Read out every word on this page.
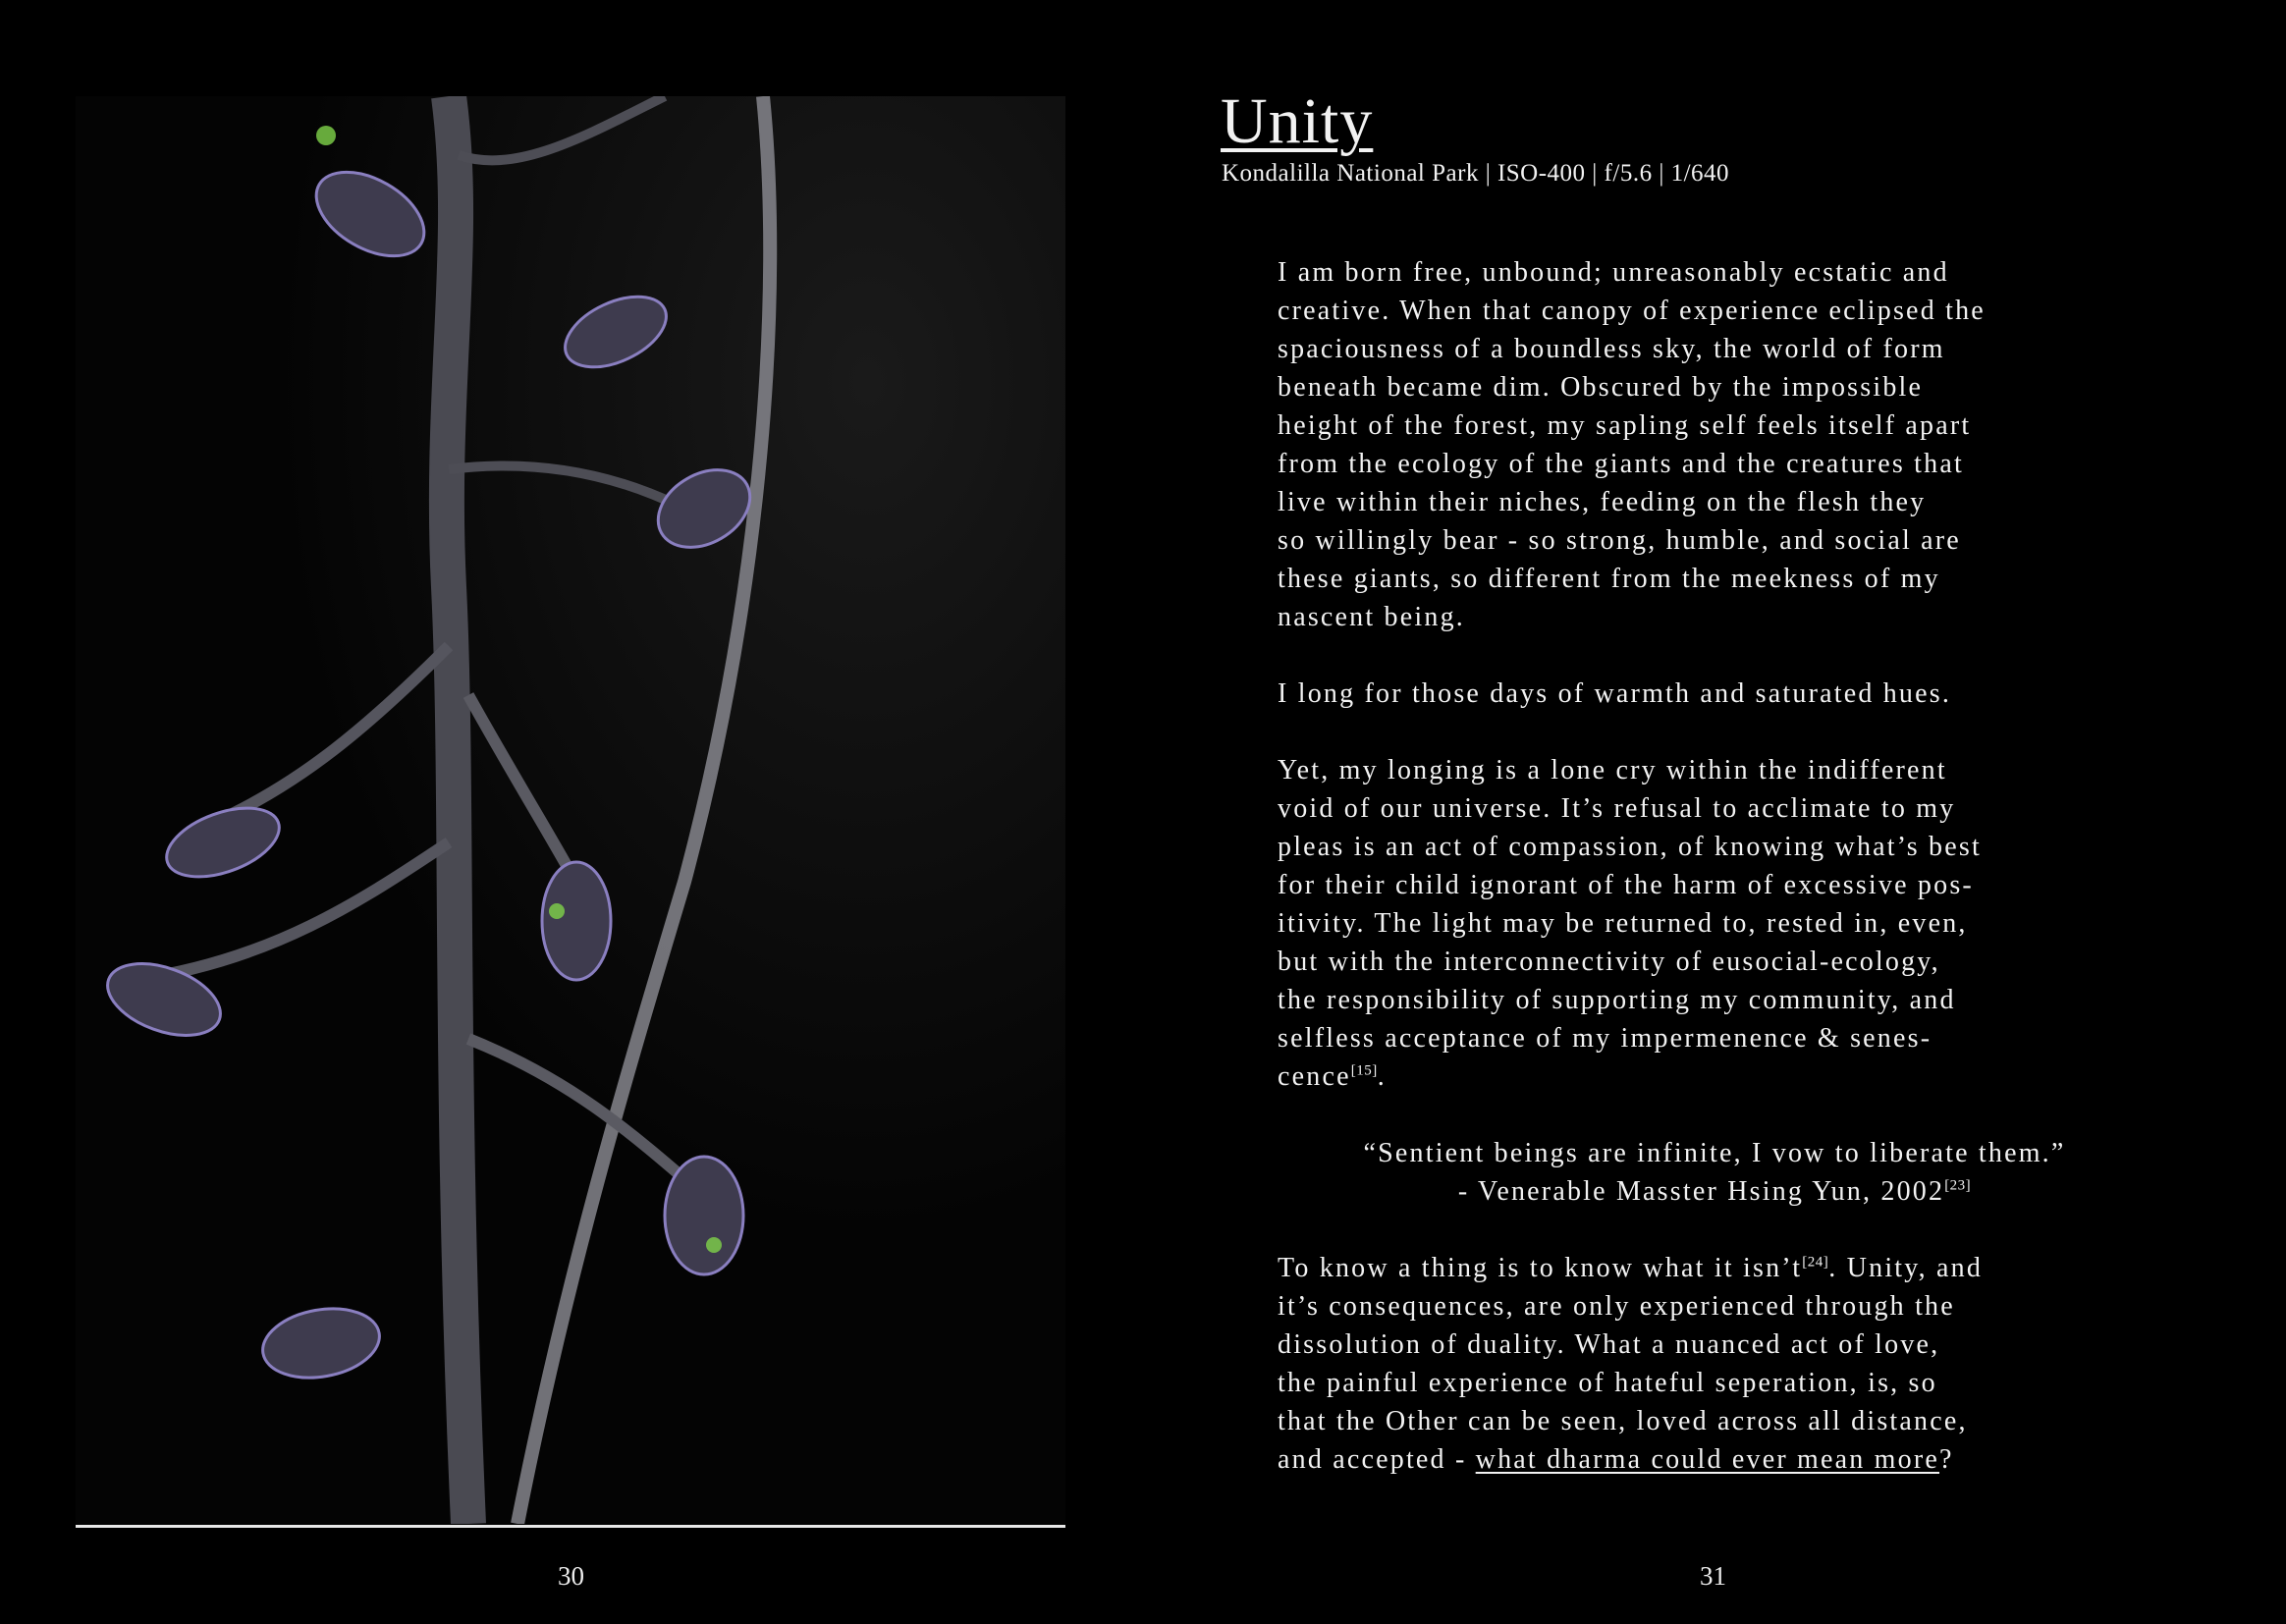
30	31
Unity
Kondalilla National Park | ISO-400 | f/5.6 | 1/640
I am born free, unbound; unreasonably ecstatic and
creative. When that canopy of experience eclipsed the
spaciousness of a boundless sky, the world of form
beneath became dim. Obscured by the impossible
height of the forest, my sapling self feels itself apart
from the ecology of the giants and the creatures that
live within their niches, feeding on the flesh they
so willingly bear - so strong, humble, and social are
these giants, so different from the meekness of my
nascent being.
I long for those days of warmth and saturated hues.
Yet, my longing is a lone cry within the indifferent
void of our universe. It’s refusal to acclimate to my
pleas is an act of compassion, of knowing what’s best
for their child ignorant of the harm of excessive pos-
itivity. The light may be returned to, rested in, even,
but with the interconnectivity of eusocial-ecology,
the responsibility of supporting my community, and
selfless acceptance of my impermenence & senes-
cence[15].
“Sentient beings are infinite, I vow to liberate them.”
- Venerable Masster Hsing Yun, 2002[23]
To know a thing is to know what it isn’t[24]. Unity, and
it’s consequences, are only experienced through the
dissolution of duality. What a nuanced act of love,
the painful experience of hateful seperation, is, so
that the Other can be seen, loved across all distance,
and accepted - what dharma could ever mean more?
